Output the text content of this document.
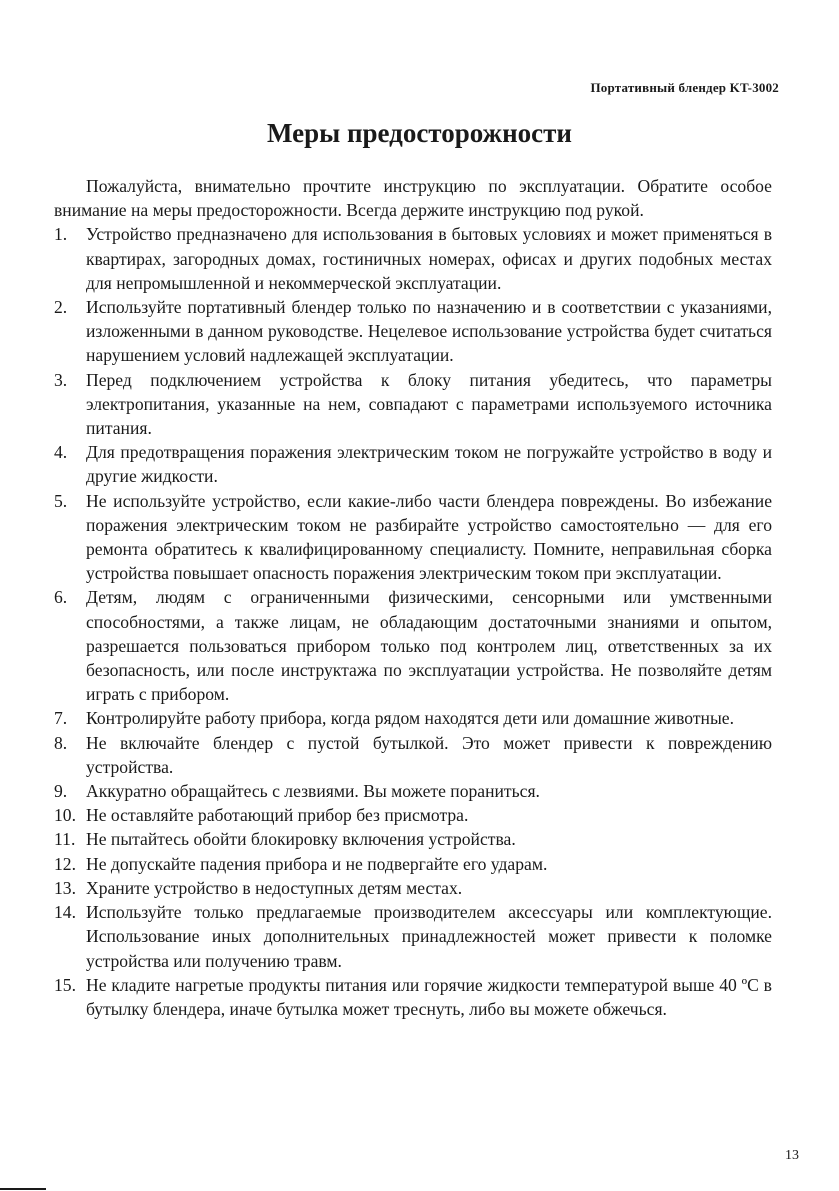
Портативный блендер KT-3002
Меры предосторожности

Пожалуйста, внимательно прочтите инструкцию по эксплуатации. Обратите особое внимание на меры предосторожности. Всегда держите инструкцию под рукой.

1.	Устройство предназначено для использования в бытовых условиях и может применяться в квартирах, загородных домах, гостиничных номерах, офисах и других подобных местах для непромышленной и некоммерческой эксплуатации.
2.	Используйте портативный блендер только по назначению и в соответствии с указаниями, изложенными в данном руководстве. Нецелевое использование устройства будет считаться нарушением условий надлежащей эксплуатации.
3.	Перед подключением устройства к блоку питания убедитесь, что параметры электропитания, указанные на нем, совпадают с параметрами используемого источника питания.
4.	Для предотвращения поражения электрическим током не погружайте устройство в воду и другие жидкости.
5.	Не используйте устройство, если какие-либо части блендера повреждены. Во избежание поражения электрическим током не разбирайте устройство самостоятельно — для его ремонта обратитесь к квалифицированному специалисту. Помните, неправильная сборка устройства повышает опасность поражения электрическим током при эксплуатации.
6.	Детям, людям с ограниченными физическими, сенсорными или умственными способностями, а также лицам, не обладающим достаточными знаниями и опытом, разрешается пользоваться прибором только под контролем лиц, ответственных за их безопасность, или после инструктажа по эксплуатации устройства. Не позволяйте детям играть с прибором.
7.	Контролируйте работу прибора, когда рядом находятся дети или домашние животные.
8.	Не включайте блендер с пустой бутылкой. Это может привести к повреждению устройства.
9.	Аккуратно обращайтесь с лезвиями. Вы можете пораниться.
10. Не оставляйте работающий прибор без присмотра.
11. Не пытайтесь обойти блокировку включения устройства.
12. Не допускайте падения прибора и не подвергайте его ударам.
13. Храните устройство в недоступных детям местах.
14. Используйте только предлагаемые производителем аксессуары или комплектующие. Использование иных дополнительных принадлежностей может привести к поломке устройства или получению травм.
15. Не кладите нагретые продукты питания или горячие жидкости температурой выше 40 ºС в бутылку блендера, иначе бутылка может треснуть, либо вы можете обжечься.
13
